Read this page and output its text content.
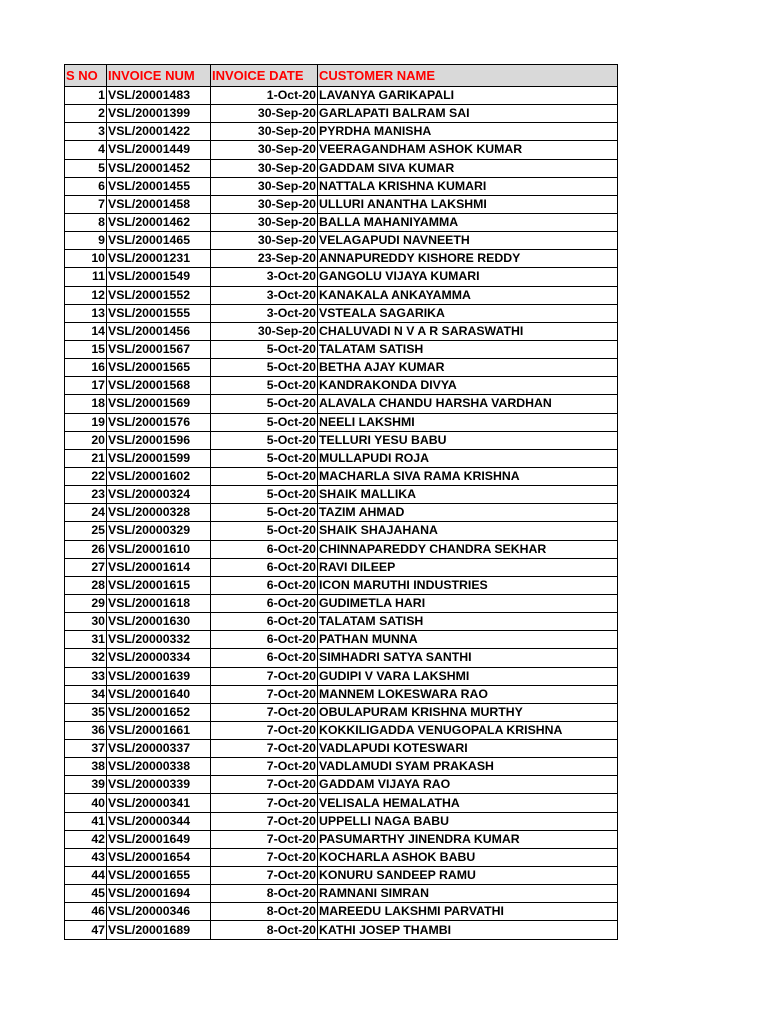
S NO	INVOICE NUM	INVOICE DATE	CUSTOMER NAME
1	VSL/20001483	1-Oct-20	LAVANYA GARIKAPALI
2	VSL/20001399	30-Sep-20	GARLAPATI BALRAM SAI
3	VSL/20001422	30-Sep-20	PYRDHA MANISHA
4	VSL/20001449	30-Sep-20	VEERAGANDHAM ASHOK KUMAR
5	VSL/20001452	30-Sep-20	GADDAM SIVA KUMAR
6	VSL/20001455	30-Sep-20	NATTALA KRISHNA KUMARI
7	VSL/20001458	30-Sep-20	ULLURI ANANTHA LAKSHMI
8	VSL/20001462	30-Sep-20	BALLA MAHANIYAMMA
9	VSL/20001465	30-Sep-20	VELAGAPUDI NAVNEETH
10	VSL/20001231	23-Sep-20	ANNAPUREDDY KISHORE REDDY
11	VSL/20001549	3-Oct-20	GANGOLU VIJAYA KUMARI
12	VSL/20001552	3-Oct-20	KANAKALA ANKAYAMMA
13	VSL/20001555	3-Oct-20	VSTEALA SAGARIKA
14	VSL/20001456	30-Sep-20	CHALUVADI N V A R SARASWATHI
15	VSL/20001567	5-Oct-20	TALATAM SATISH
16	VSL/20001565	5-Oct-20	BETHA AJAY KUMAR
17	VSL/20001568	5-Oct-20	KANDRAKONDA DIVYA
18	VSL/20001569	5-Oct-20	ALAVALA CHANDU HARSHA VARDHAN
19	VSL/20001576	5-Oct-20	NEELI LAKSHMI
20	VSL/20001596	5-Oct-20	TELLURI YESU BABU
21	VSL/20001599	5-Oct-20	MULLAPUDI ROJA
22	VSL/20001602	5-Oct-20	MACHARLA SIVA RAMA KRISHNA
23	VSL/20000324	5-Oct-20	SHAIK MALLIKA
24	VSL/20000328	5-Oct-20	TAZIM AHMAD
25	VSL/20000329	5-Oct-20	SHAIK SHAJAHANA
26	VSL/20001610	6-Oct-20	CHINNAPAREDDY CHANDRA SEKHAR
27	VSL/20001614	6-Oct-20	RAVI DILEEP
28	VSL/20001615	6-Oct-20	ICON MARUTHI INDUSTRIES
29	VSL/20001618	6-Oct-20	GUDIMETLA HARI
30	VSL/20001630	6-Oct-20	TALATAM SATISH
31	VSL/20000332	6-Oct-20	PATHAN MUNNA
32	VSL/20000334	6-Oct-20	SIMHADRI SATYA SANTHI
33	VSL/20001639	7-Oct-20	GUDIPI V VARA LAKSHMI
34	VSL/20001640	7-Oct-20	MANNEM LOKESWARA RAO
35	VSL/20001652	7-Oct-20	OBULAPURAM KRISHNA MURTHY
36	VSL/20001661	7-Oct-20	KOKKILIGADDA VENUGOPALA KRISHNA
37	VSL/20000337	7-Oct-20	VADLAPUDI KOTESWARI
38	VSL/20000338	7-Oct-20	VADLAMUDI SYAM PRAKASH
39	VSL/20000339	7-Oct-20	GADDAM VIJAYA RAO
40	VSL/20000341	7-Oct-20	VELISALA HEMALATHA
41	VSL/20000344	7-Oct-20	UPPELLI NAGA BABU
42	VSL/20001649	7-Oct-20	PASUMARTHY JINENDRA KUMAR
43	VSL/20001654	7-Oct-20	KOCHARLA ASHOK BABU
44	VSL/20001655	7-Oct-20	KONURU SANDEEP RAMU
45	VSL/20001694	8-Oct-20	RAMNANI SIMRAN
46	VSL/20000346	8-Oct-20	MAREEDU LAKSHMI PARVATHI
47	VSL/20001689	8-Oct-20	KATHI JOSEP THAMBI
